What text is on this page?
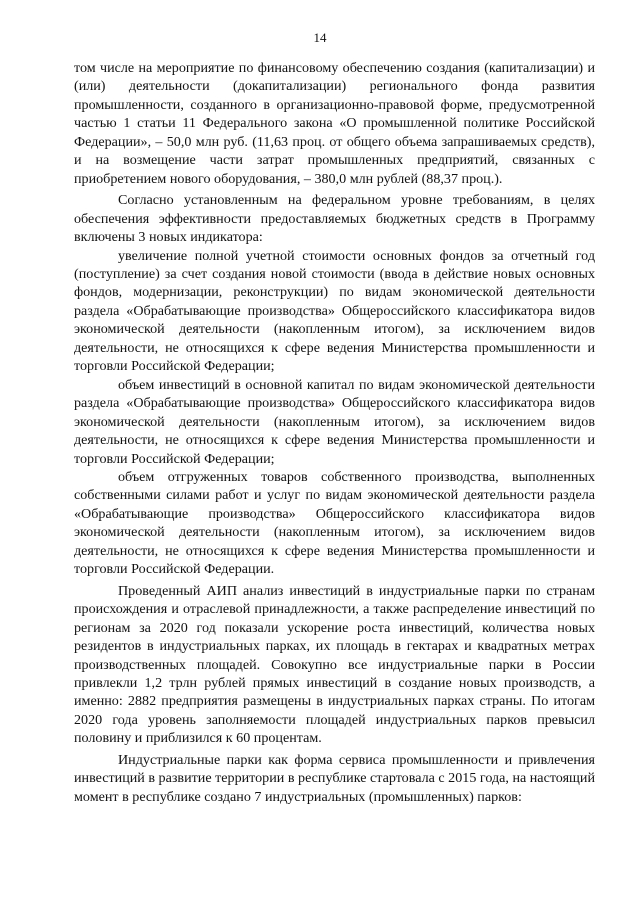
14

том числе на мероприятие по финансовому обеспечению создания (капитализации) и (или) деятельности (докапитализации) регионального фонда развития промышленности, созданного в организационно-правовой форме, предусмотренной частью 1 статьи 11 Федерального закона «О промышленной политике Российской Федерации», – 50,0 млн руб. (11,63 проц. от общего объема запрашиваемых средств), и на возмещение части затрат промышленных предприятий, связанных с приобретением нового оборудования, – 380,0 млн рублей (88,37 проц.).

Согласно установленным на федеральном уровне требованиям, в целях обеспечения эффективности предоставляемых бюджетных средств в Программу включены 3 новых индикатора:

увеличение полной учетной стоимости основных фондов за отчетный год (поступление) за счет создания новой стоимости (ввода в действие новых основных фондов, модернизации, реконструкции) по видам экономической деятельности раздела «Обрабатывающие производства» Общероссийского классификатора видов экономической деятельности (накопленным итогом), за исключением видов деятельности, не относящихся к сфере ведения Министерства промышленности и торговли Российской Федерации;

объем инвестиций в основной капитал по видам экономической деятельности раздела «Обрабатывающие производства» Общероссийского классификатора видов экономической деятельности (накопленным итогом), за исключением видов деятельности, не относящихся к сфере ведения Министерства промышленности и торговли Российской Федерации;

объем отгруженных товаров собственного производства, выполненных собственными силами работ и услуг по видам экономической деятельности раздела «Обрабатывающие производства» Общероссийского классификатора видов экономической деятельности (накопленным итогом), за исключением видов деятельности, не относящихся к сфере ведения Министерства промышленности и торговли Российской Федерации.

Проведенный АИП анализ инвестиций в индустриальные парки по странам происхождения и отраслевой принадлежности, а также распределение инвестиций по регионам за 2020 год показали ускорение роста инвестиций, количества новых резидентов в индустриальных парках, их площадь в гектарах и квадратных метрах производственных площадей. Совокупно все индустриальные парки в России привлекли 1,2 трлн рублей прямых инвестиций в создание новых производств, а именно: 2882 предприятия размещены в индустриальных парках страны. По итогам 2020 года уровень заполняемости площадей индустриальных парков превысил половину и приблизился к 60 процентам.

Индустриальные парки как форма сервиса промышленности и привлечения инвестиций в развитие территории в республике стартовала с 2015 года, на настоящий момент в республике создано 7 индустриальных (промышленных) парков:
